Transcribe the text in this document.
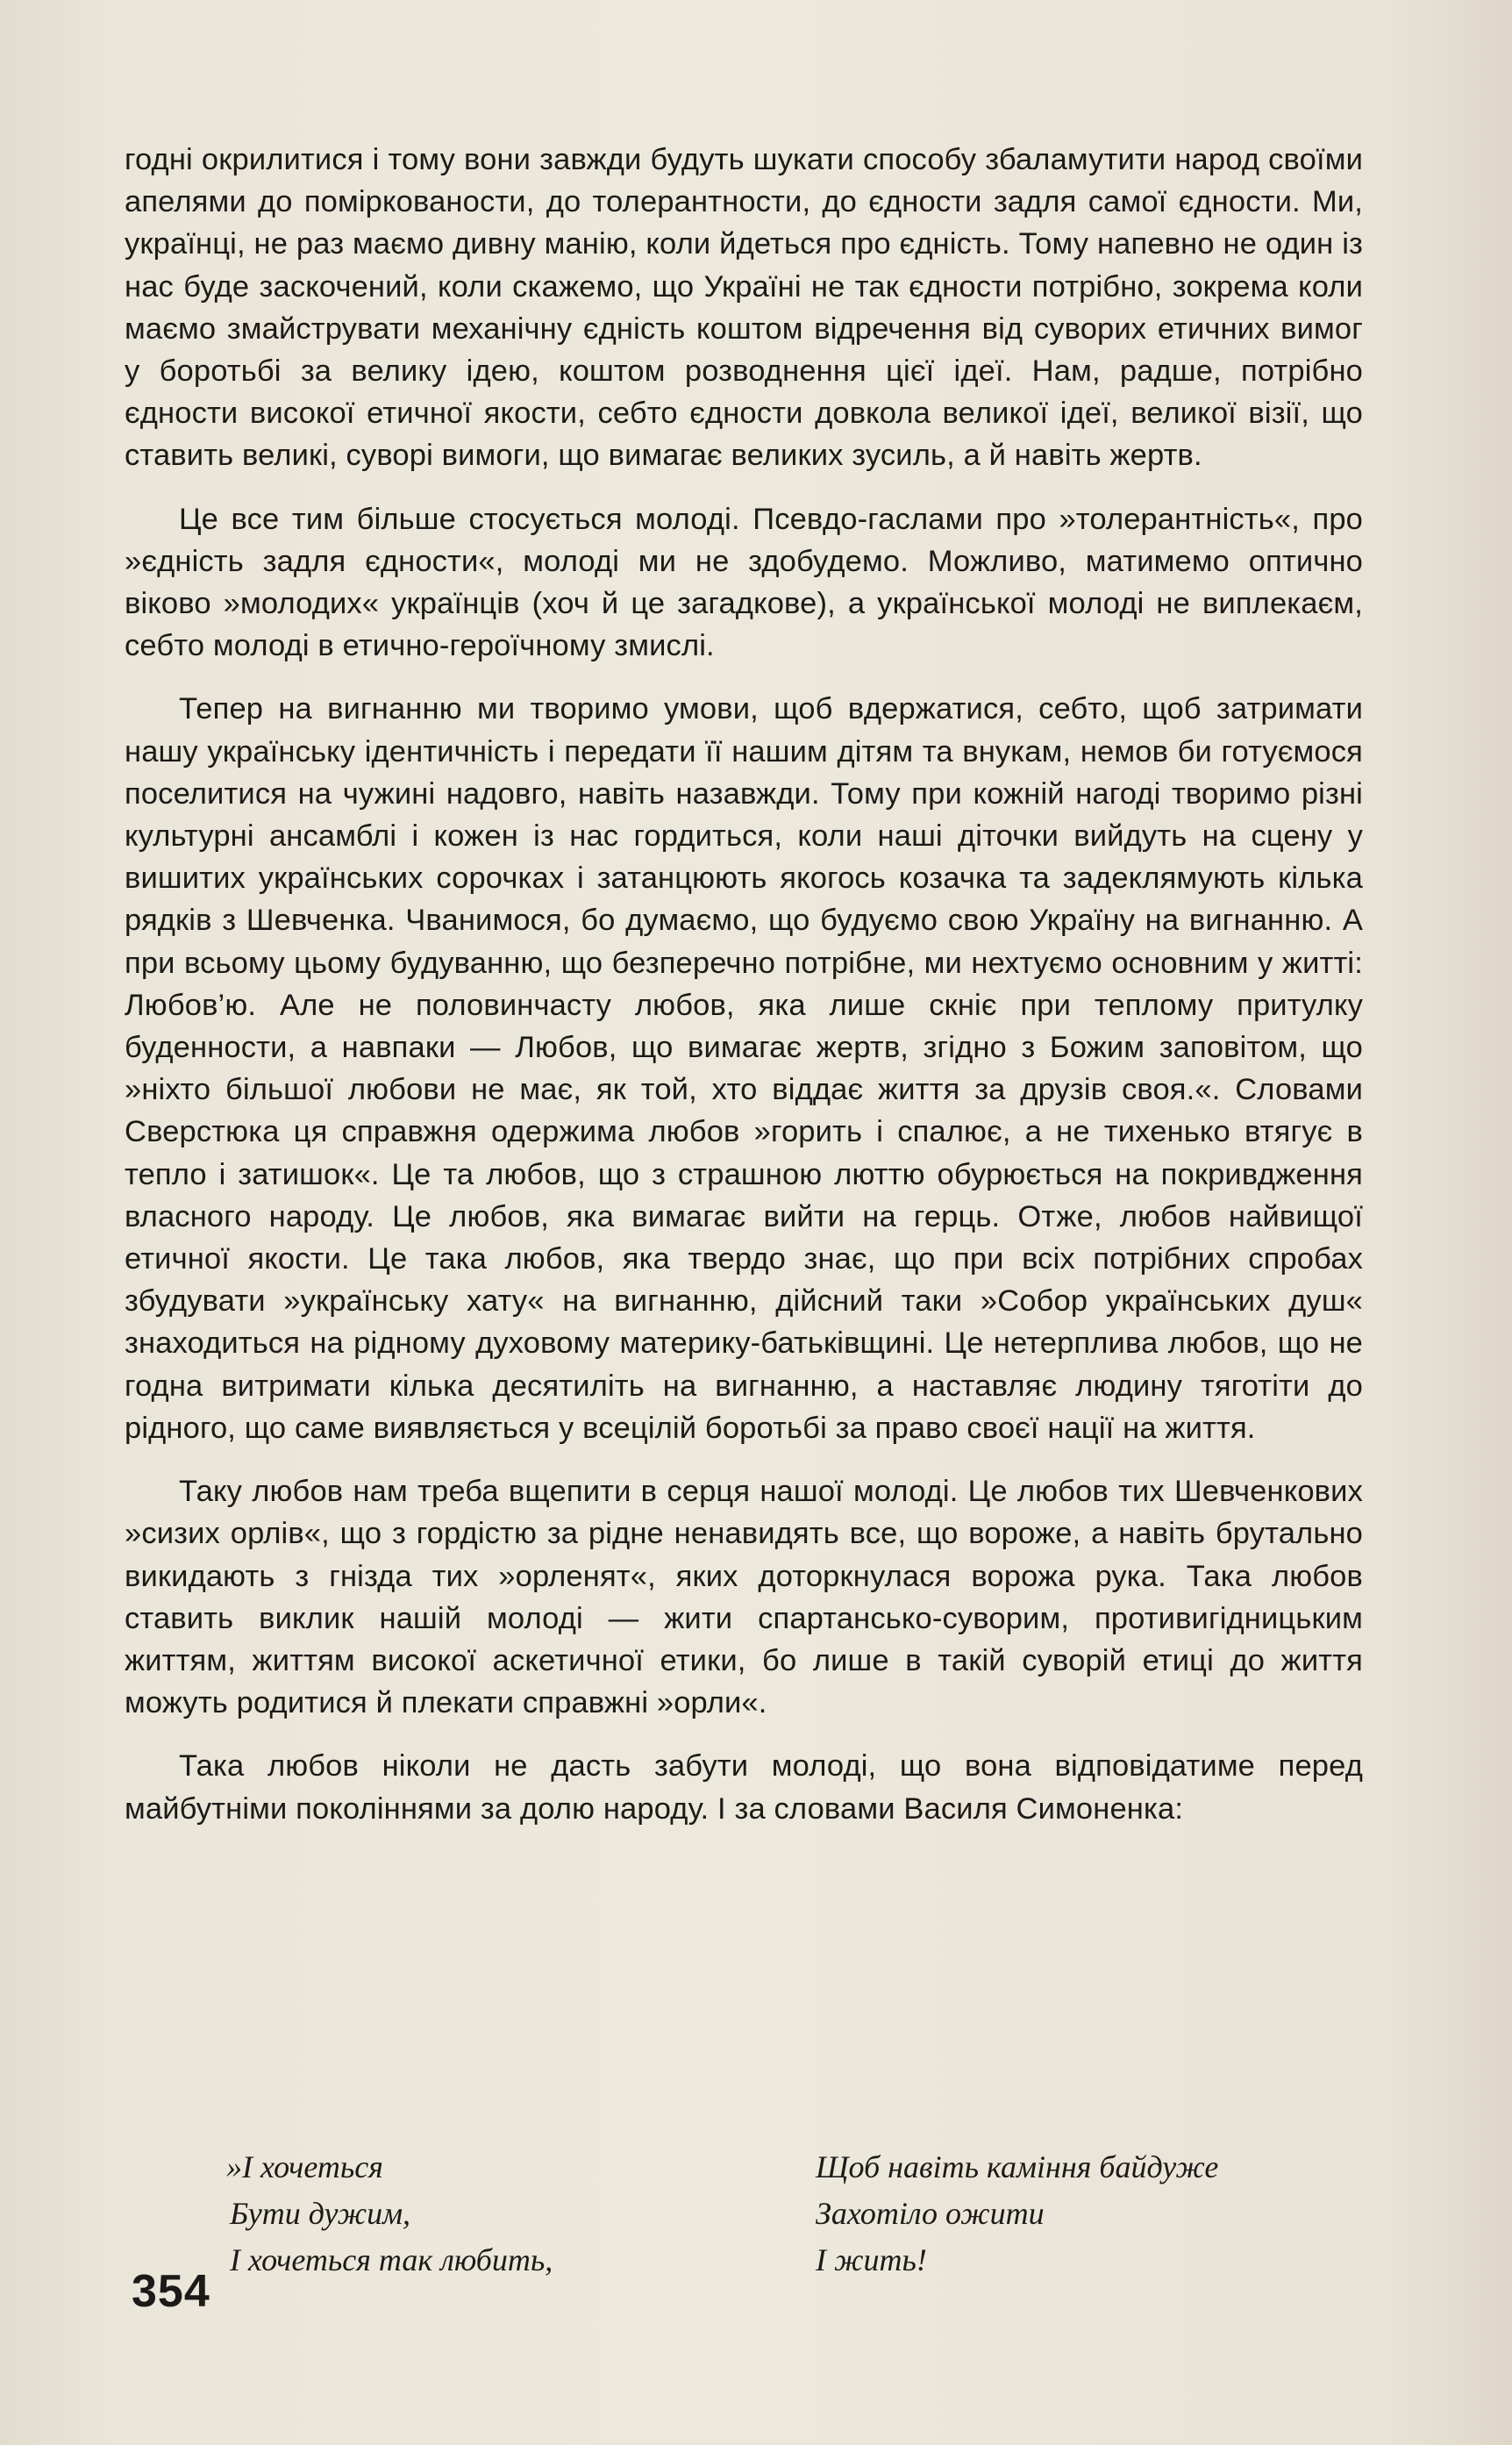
годні окрилитися і тому вони завжди будуть шукати способу збаламутити народ своїми апелями до поміркованости, до толерантности, до єдности задля самої єдности. Ми, українці, не раз маємо дивну манію, коли йдеться про єдність. Тому напевно не один із нас буде заскочений, коли скажемо, що Україні не так єдности потрібно, зокрема коли маємо змайструвати механічну єдність коштом відречення від суворих етичних вимог у боротьбі за велику ідею, коштом розводнення цієї ідеї. Нам, радше, потрібно єдности високої етичної якости, себто єдности довкола великої ідеї, великої візії, що ставить великі, суворі вимоги, що вимагає великих зусиль, а й навіть жертв.

Це все тим більше стосується молоді. Псевдо-гаслами про »толерантність«, про »єдність задля єдности«, молоді ми не здобудемо. Можливо, матимемо оптично віково »молодих« українців (хоч й це загадкове), а української молоді не виплекаєм, себто молоді в етично-героїчному змислі.

Тепер на вигнанню ми творимо умови, щоб вдержатися, себто, щоб затримати нашу українську ідентичність і передати її нашим дітям та внукам, немов би готуємося поселитися на чужині надовго, навіть назавжди. Тому при кожній нагоді творимо різні культурні ансамблі і кожен із нас гордиться, коли наші діточки вийдуть на сцену у вишитих українських сорочках і затанцюють якогось козачка та задеклямують кілька рядків з Шевченка. Чванимося, бо думаємо, що будуємо свою Україну на вигнанню. А при всьому цьому будуванню, що безперечно потрібне, ми нехтуємо основним у житті: Любов’ю. Але не половинчасту любов, яка лише скніє при теплому притулку буденности, а навпаки — Любов, що вимагає жертв, згідно з Божим заповітом, що »ніхто більшої любови не має, як той, хто віддає життя за друзів своя.«. Словами Сверстюка ця справжня одержима любов »горить і спалює, а не тихенько втягує в тепло і затишок«. Це та любов, що з страшною люттю обурюється на покривдження власного народу. Це любов, яка вимагає вийти на герць. Отже, любов найвищої етичної якости. Це така любов, яка твердо знає, що при всіх потрібних спробах збудувати »українську хату« на вигнанню, дійсний таки »Собор українських душ« знаходиться на рідному духовому материку-батьківщині. Це нетерплива любов, що не годна витримати кілька десятиліть на вигнанню, а наставляє людину тяготіти до рідного, що саме виявляється у всецілій боротьбі за право своєї нації на життя.

Таку любов нам треба вщепити в серця нашої молоді. Це любов тих Шевченкових »сизих орлів«, що з гордістю за рідне ненавидять все, що вороже, а навіть брутально викидають з гнізда тих »орленят«, яких доторкнулася ворожа рука. Така любов ставить виклик нашій молоді — жити спартансько-суворим, противигідницьким життям, життям високої аскетичної етики, бо лише в такій суворій етиці до життя можуть родитися й плекати справжні »орли«.

Така любов ніколи не дасть забути молоді, що вона відповідатиме перед майбутніми поколіннями за долю народу. І за словами Василя Симоненка:

»І хочеться
Бути дужим,
І хочеться так любить,
Щоб навіть каміння байдуже
Захотіло ожити
І жить!
354
